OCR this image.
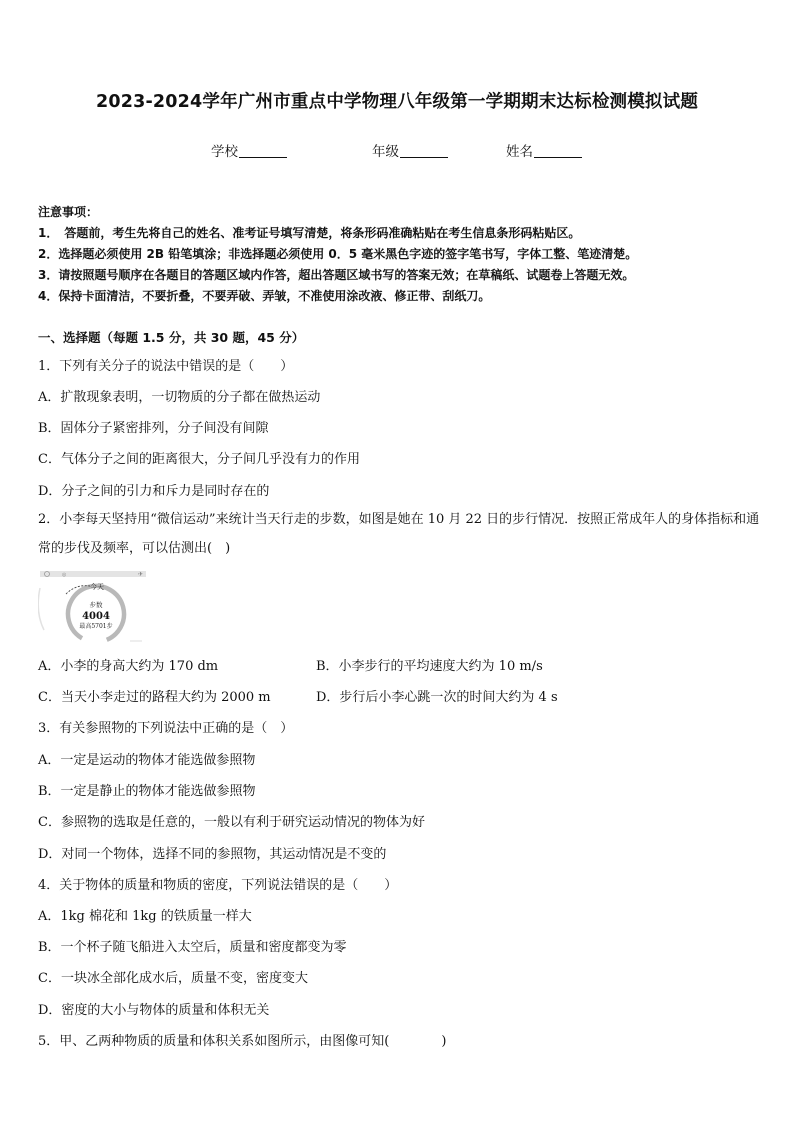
2023-2024学年广州市重点中学物理八年级第一学期期末达标检测模拟试题
学校	年级	姓名
注意事项：
1．　答题前，考生先将自己的姓名、准考证号填写清楚，将条形码准确粘贴在考生信息条形码粘贴区。
2．选择题必须使用 2B 铅笔填涂；非选择题必须使用 0．5 毫米黑色字迹的签字笔书写，字体工整、笔迹清楚。
3．请按照题号顺序在各题目的答题区域内作答，超出答题区域书写的答案无效；在草稿纸、试题卷上答题无效。
4．保持卡面清洁，不要折叠，不要弄破、弄皱，不准使用涂改液、修正带、刮纸刀。
一、选择题（每题 1.5 分，共 30 题，45 分）
1．下列有关分子的说法中错误的是（　　）
A．扩散现象表明，一切物质的分子都在做热运动
B．固体分子紧密排列，分子间没有间隙
C．气体分子之间的距离很大，分子间几乎没有力的作用
D．分子之间的引力和斥力是同时存在的
2．小李每天坚持用“微信运动”来统计当天行走的步数，如图是她在 10 月 22 日的步行情况．按照正常成年人的身体指标和通常的步伐及频率，可以估测出(　)
◎	✈
今天
步数
4004
最高5701步
A．小李的身高大约为 170 dm	B．小李步行的平均速度大约为 10 m/s
C．当天小李走过的路程大约为 2000 m	D．步行后小李心跳一次的时间大约为 4 s
3．有关参照物的下列说法中正确的是（　）
A．一定是运动的物体才能选做参照物
B．一定是静止的物体才能选做参照物
C．参照物的选取是任意的，一般以有利于研究运动情况的物体为好
D．对同一个物体，选择不同的参照物，其运动情况是不变的
4．关于物体的质量和物质的密度，下列说法错误的是（　　）
A．1kg 棉花和 1kg 的铁质量一样大
B．一个杯子随飞船进入太空后，质量和密度都变为零
C．一块冰全部化成水后，质量不变，密度变大
D．密度的大小与物体的质量和体积无关
5．甲、乙两种物质的质量和体积关系如图所示，由图像可知(　　　　)
